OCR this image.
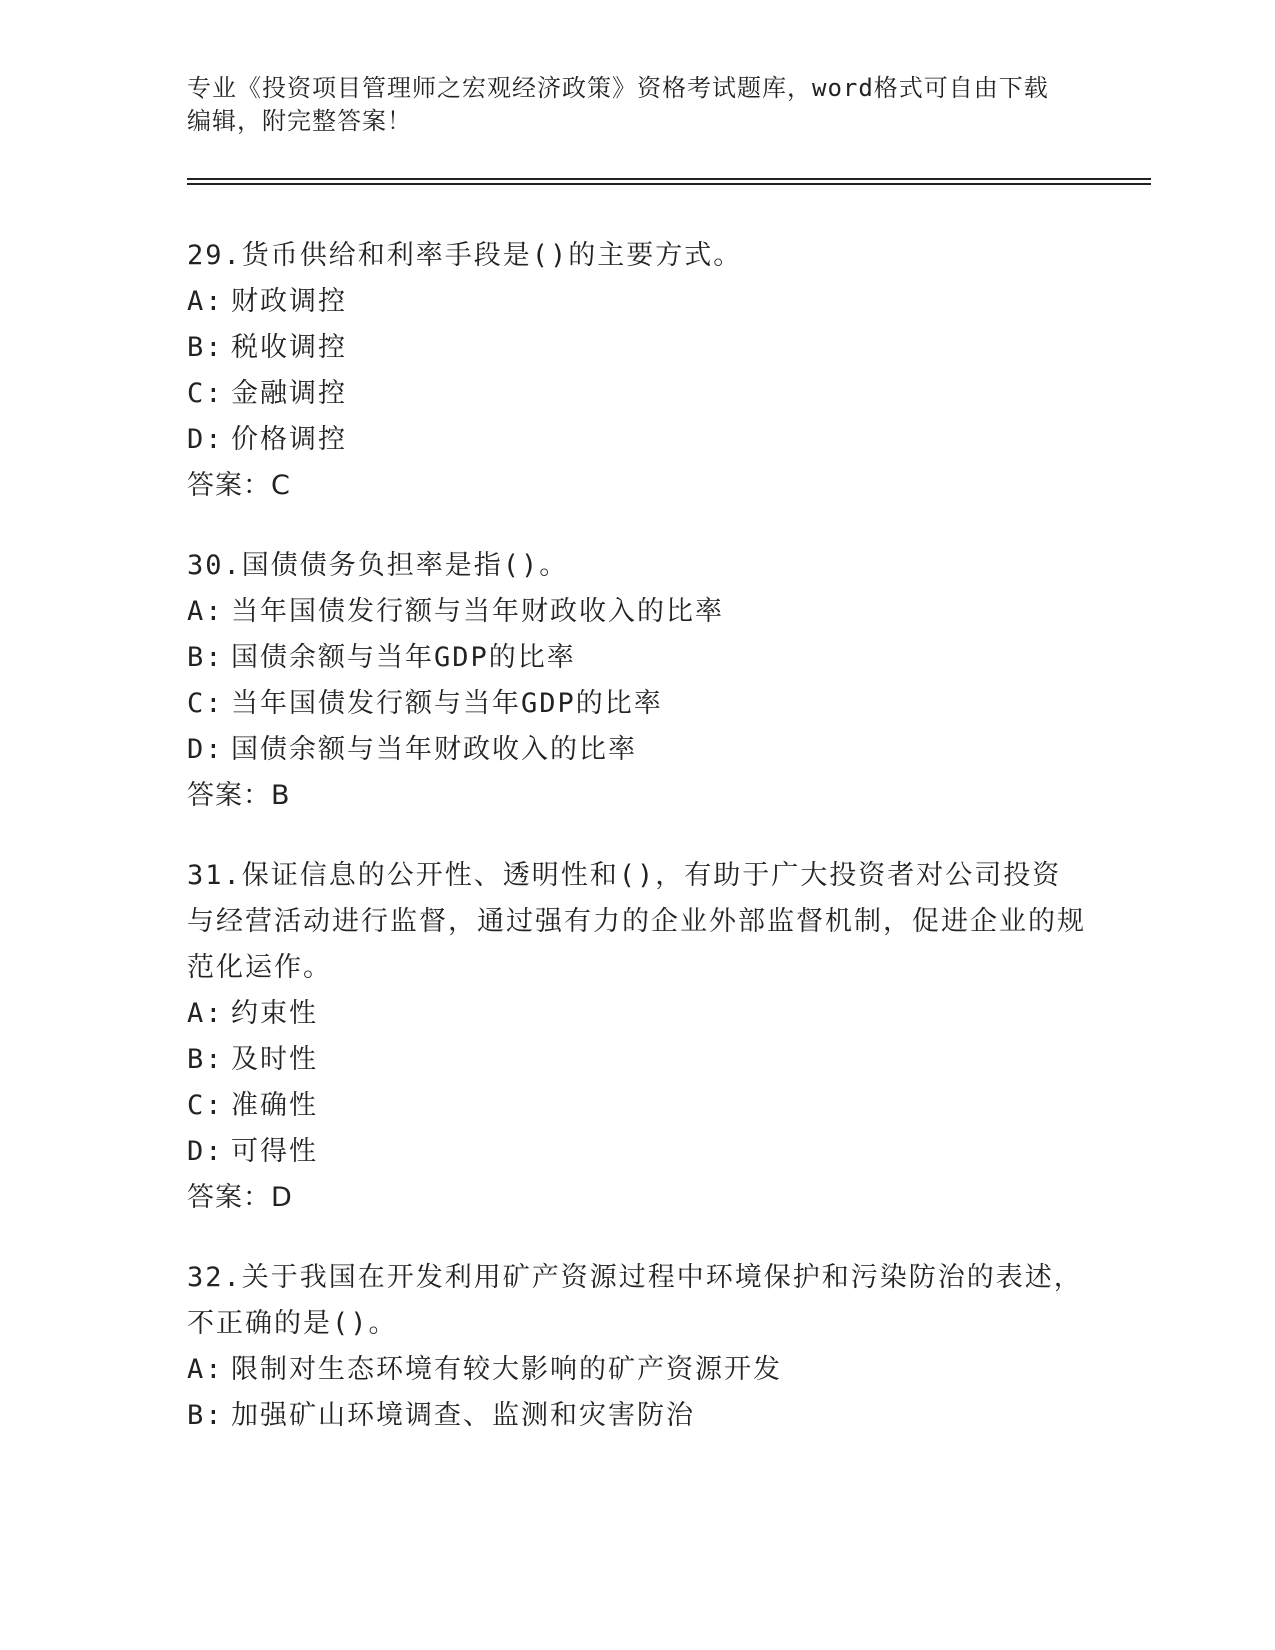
专业《投资项目管理师之宏观经济政策》资格考试题库，word格式可自由下载编辑，附完整答案！
29.货币供给和利率手段是()的主要方式。
A: 财政调控
B: 税收调控
C: 金融调控
D: 价格调控
答案：C
30.国债债务负担率是指()。
A: 当年国债发行额与当年财政收入的比率
B: 国债余额与当年GDP的比率
C: 当年国债发行额与当年GDP的比率
D: 国债余额与当年财政收入的比率
答案：B
31.保证信息的公开性、透明性和()，有助于广大投资者对公司投资与经营活动进行监督，通过强有力的企业外部监督机制，促进企业的规范化运作。
A: 约束性
B: 及时性
C: 准确性
D: 可得性
答案：D
32.关于我国在开发利用矿产资源过程中环境保护和污染防治的表述，不正确的是()。
A: 限制对生态环境有较大影响的矿产资源开发
B: 加强矿山环境调查、监测和灾害防治
